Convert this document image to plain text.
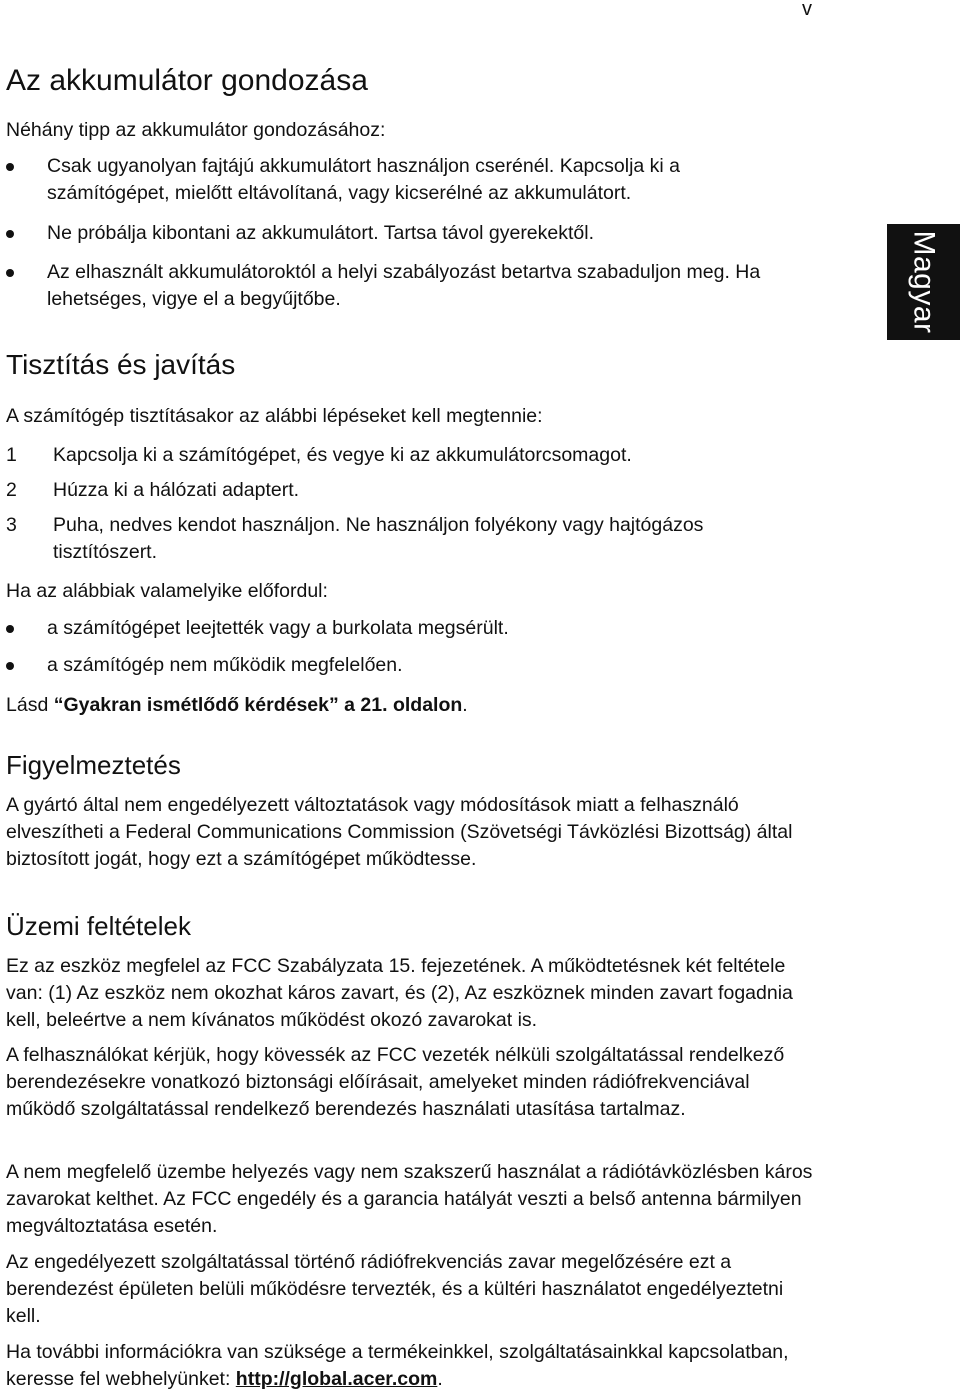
v
Magyar
Az akkumulátor gondozása

Néhány tipp az akkumulátor gondozásához:

Csak ugyanolyan fajtájú akkumulátort használjon cserénél. Kapcsolja ki a számítógépet, mielőtt eltávolítaná, vagy kicserélné az akkumulátort.
Ne próbálja kibontani az akkumulátort. Tartsa távol gyerekektől.
Az elhasznált akkumulátoroktól a helyi szabályozást betartva szabaduljon meg. Ha lehetséges, vigye el a begyűjtőbe.
Tisztítás és javítás

A számítógép tisztításakor az alábbi lépéseket kell megtennie:

1	Kapcsolja ki a számítógépet, és vegye ki az akkumulátorcsomagot.
2	Húzza ki a hálózati adaptert.
3	Puha, nedves kendot használjon. Ne használjon folyékony vagy hajtógázos tisztítószert.

Ha az alábbiak valamelyike előfordul:

a számítógépet leejtették vagy a burkolata megsérült.
a számítógép nem működik megfelelően.

Lásd “Gyakran ismétlődő kérdések” a 21. oldalon.

Figyelmeztetés

A gyártó által nem engedélyezett változtatások vagy módosítások miatt a felhasználó elveszítheti a Federal Communications Commission (Szövetségi Távközlési Bizottság) által biztosított jogát, hogy ezt a számítógépet működtesse.

Üzemi feltételek

Ez az eszköz megfelel az FCC Szabályzata 15. fejezetének. A működtetésnek két feltétele van: (1) Az eszköz nem okozhat káros zavart, és (2), Az eszköznek minden zavart fogadnia kell, beleértve a nem kívánatos működést okozó zavarokat is.

A felhasználókat kérjük, hogy kövessék az FCC vezeték nélküli szolgáltatással rendelkező berendezésekre vonatkozó biztonsági előírásait, amelyeket minden rádiófrekvenciával működő szolgáltatással rendelkező berendezés használati utasítása tartalmaz.

A nem megfelelő üzembe helyezés vagy nem szakszerű használat a rádiótávközlésben káros zavarokat kelthet. Az FCC engedély és a garancia hatályát veszti a belső antenna bármilyen megváltoztatása esetén.

Az engedélyezett szolgáltatással történő rádiófrekvenciás zavar megelőzésére ezt a berendezést épületen belüli működésre tervezték, és a kültéri használatot engedélyeztetni kell.

Ha további információkra van szüksége a termékeinkkel, szolgáltatásainkkal kapcsolatban, keresse fel webhelyünket: http://global.acer.com.
